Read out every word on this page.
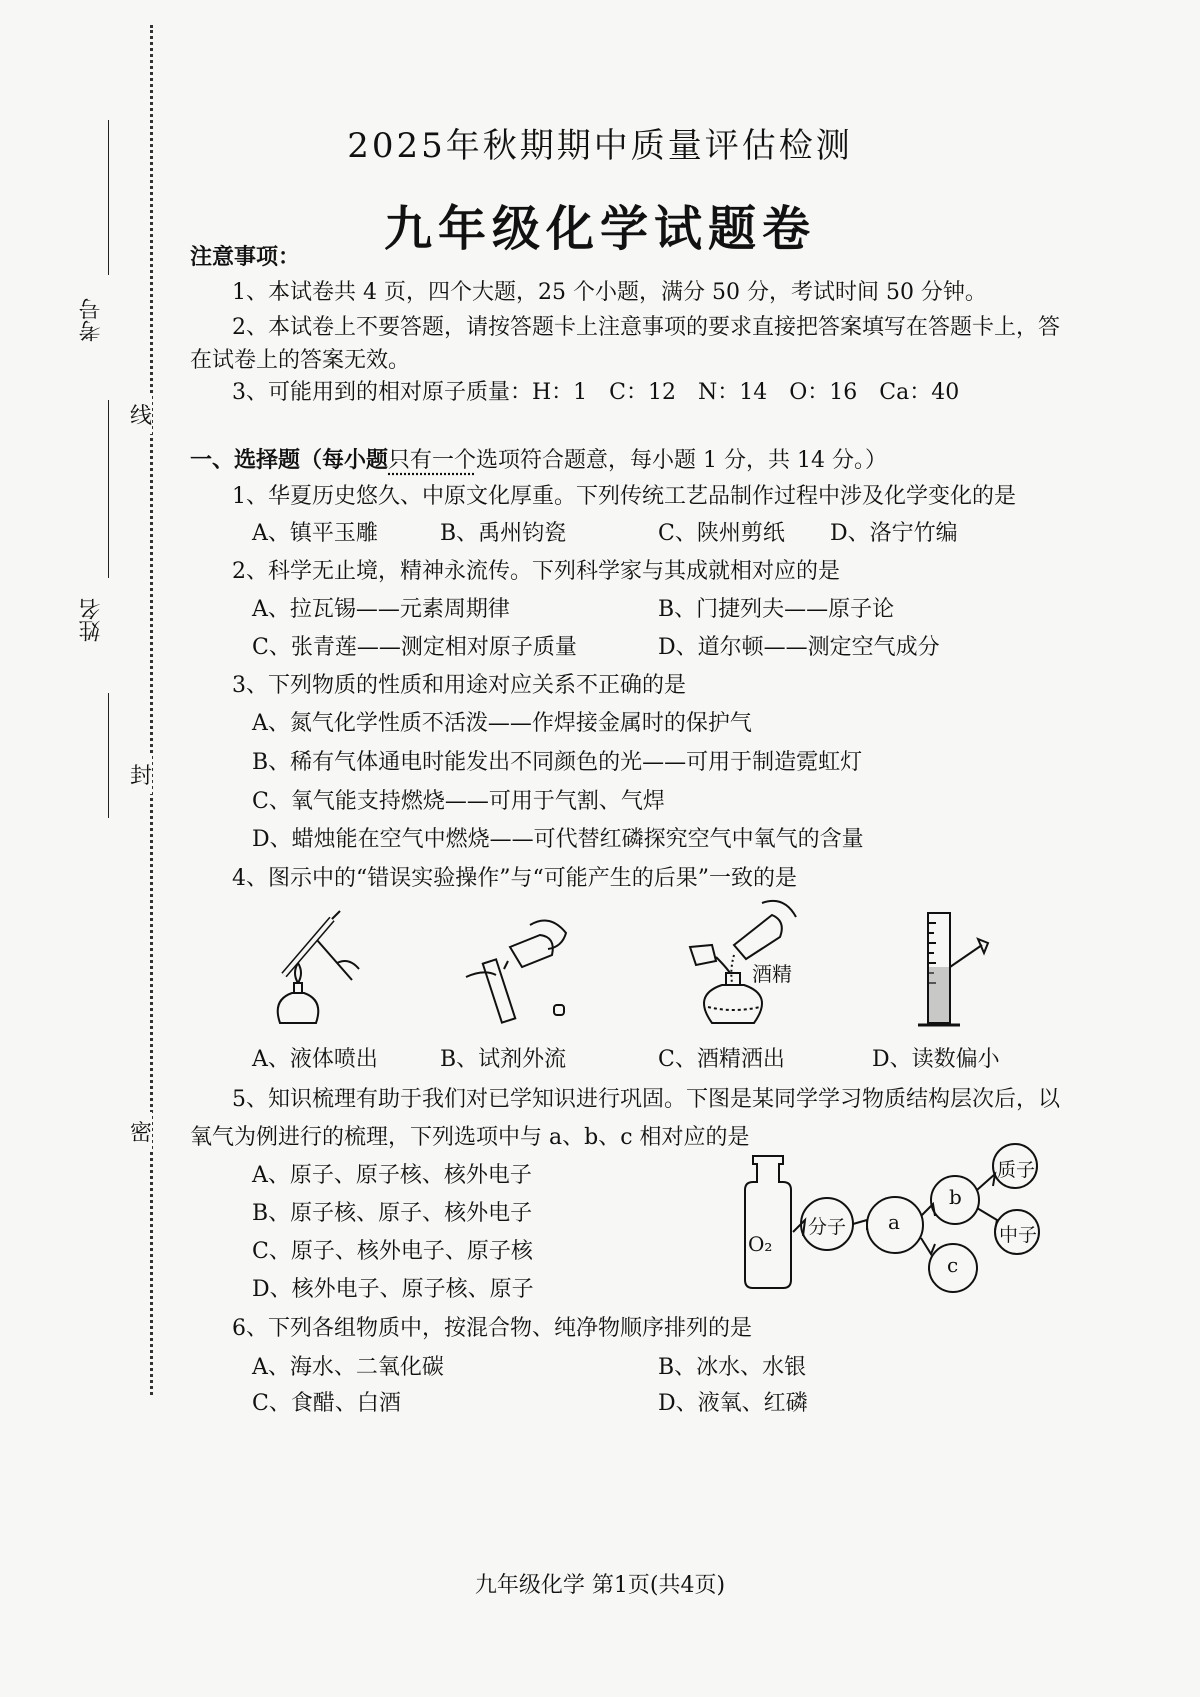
考号
线
姓名
封
密
2025年秋期期中质量评估检测
九年级化学试题卷
注意事项：
1、本试卷共 4 页，四个大题，25 个小题，满分 50 分，考试时间 50 分钟。
2、本试卷上不要答题，请按答题卡上注意事项的要求直接把答案填写在答题卡上，答
在试卷上的答案无效。
3、可能用到的相对原子质量：H：1　C：12　N：14　O：16　Ca：40
一、选择题（每小题只有一个选项符合题意，每小题 1 分，共 14 分。）
1、华夏历史悠久、中原文化厚重。下列传统工艺品制作过程中涉及化学变化的是
A、镇平玉雕	B、禹州钧瓷	C、陕州剪纸 D、洛宁竹编
2、科学无止境，精神永流传。下列科学家与其成就相对应的是
A、拉瓦锡——元素周期律	B、门捷列夫——原子论
C、张青莲——测定相对原子质量	D、道尔顿——测定空气成分
3、下列物质的性质和用途对应关系不正确的是
A、氮气化学性质不活泼——作焊接金属时的保护气
B、稀有气体通电时能发出不同颜色的光——可用于制造霓虹灯
C、氧气能支持燃烧——可用于气割、气焊
D、蜡烛能在空气中燃烧——可代替红磷探究空气中氧气的含量
4、图示中的“错误实验操作”与“可能产生的后果”一致的是
酒精
A、液体喷出	B、试剂外流	C、酒精洒出	D、读数偏小
5、知识梳理有助于我们对已学知识进行巩固。下图是某同学学习物质结构层次后，以
氧气为例进行的梳理，下列选项中与 a、b、c 相对应的是
A、原子、原子核、核外电子
B、原子核、原子、核外电子
C、原子、核外电子、原子核
D、核外电子、原子核、原子
O₂
分子 a
b
c
质子
中子
6、下列各组物质中，按混合物、纯净物顺序排列的是
A、海水、二氧化碳	B、冰水、水银
C、食醋、白酒	D、液氧、红磷
九年级化学 第1页(共4页)
